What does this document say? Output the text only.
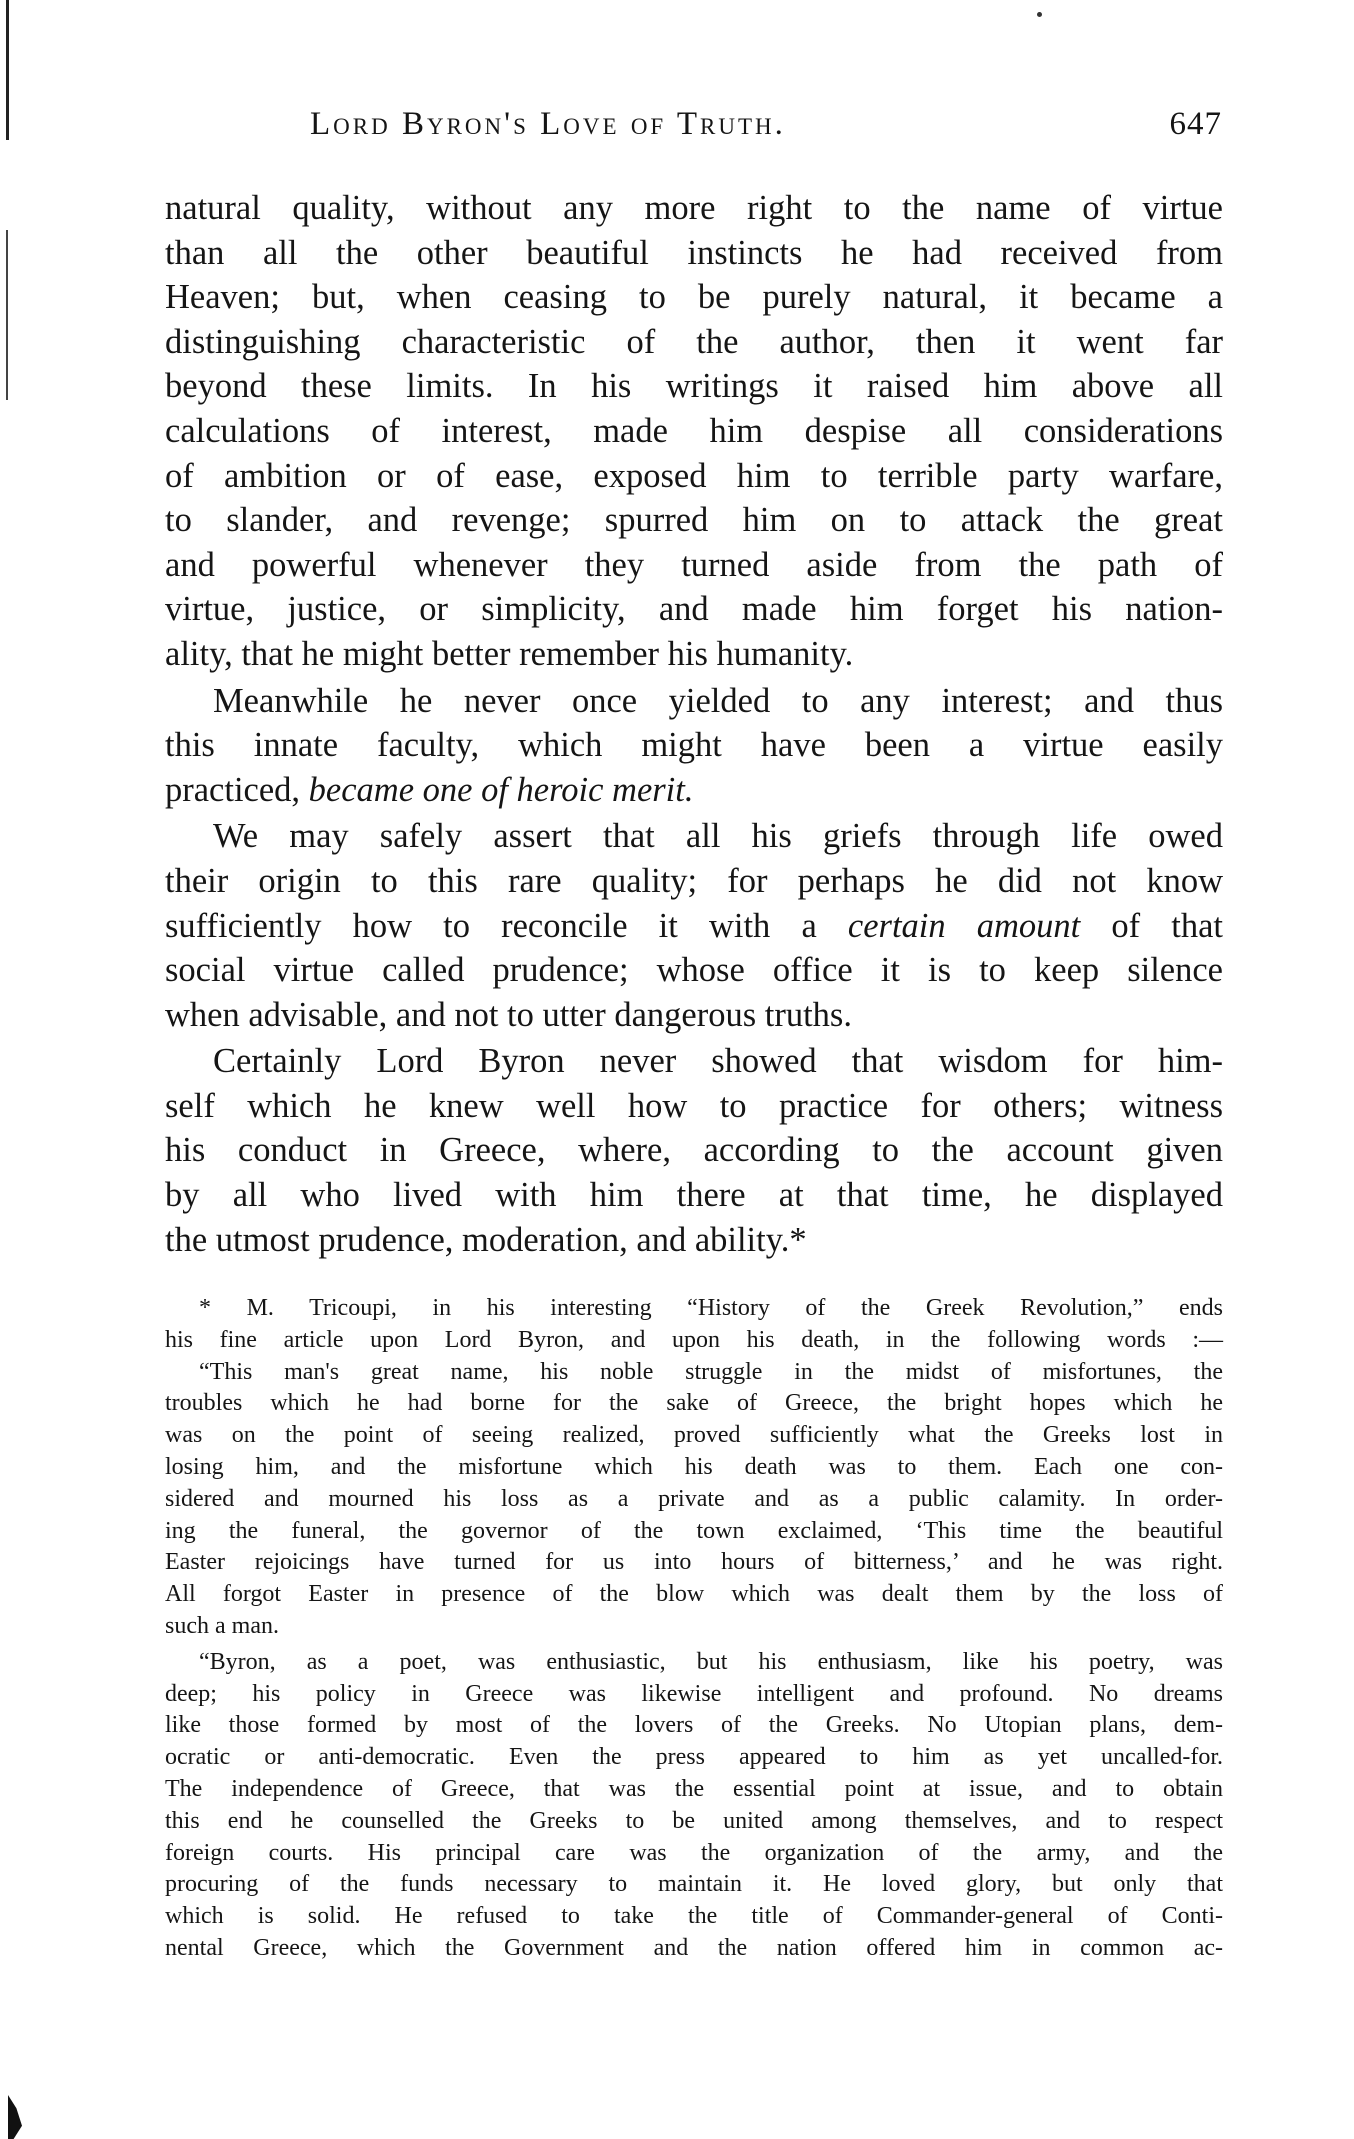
Lord Byron's Love of Truth.	647
natural quality, without any more right to the name of virtue
than all the other beautiful instincts he had received from
Heaven; but, when ceasing to be purely natural, it became a
distinguishing characteristic of the author, then it went far
beyond these limits. In his writings it raised him above all
calculations of interest, made him despise all considerations
of ambition or of ease, exposed him to terrible party warfare,
to slander, and revenge; spurred him on to attack the great
and powerful whenever they turned aside from the path of
virtue, justice, or simplicity, and made him forget his nation-
ality, that he might better remember his humanity.
Meanwhile he never once yielded to any interest; and thus
this innate faculty, which might have been a virtue easily
practiced, became one of heroic merit.
We may safely assert that all his griefs through life owed
their origin to this rare quality; for perhaps he did not know
sufficiently how to reconcile it with a certain amount of that
social virtue called prudence; whose office it is to keep silence
when advisable, and not to utter dangerous truths.
Certainly Lord Byron never showed that wisdom for him-
self which he knew well how to practice for others; witness
his conduct in Greece, where, according to the account given
by all who lived with him there at that time, he displayed
the utmost prudence, moderation, and ability.*
* M. Tricoupi, in his interesting “History of the Greek Revolution,” ends
his fine article upon Lord Byron, and upon his death, in the following words :—
“This man's great name, his noble struggle in the midst of misfortunes, the
troubles which he had borne for the sake of Greece, the bright hopes which he
was on the point of seeing realized, proved sufficiently what the Greeks lost in
losing him, and the misfortune which his death was to them. Each one con-
sidered and mourned his loss as a private and as a public calamity. In order-
ing the funeral, the governor of the town exclaimed, ‘This time the beautiful
Easter rejoicings have turned for us into hours of bitterness,’ and he was right.
All forgot Easter in presence of the blow which was dealt them by the loss of
such a man.
“Byron, as a poet, was enthusiastic, but his enthusiasm, like his poetry, was
deep; his policy in Greece was likewise intelligent and profound. No dreams
like those formed by most of the lovers of the Greeks. No Utopian plans, dem-
ocratic or anti-democratic. Even the press appeared to him as yet uncalled-for.
The independence of Greece, that was the essential point at issue, and to obtain
this end he counselled the Greeks to be united among themselves, and to respect
foreign courts. His principal care was the organization of the army, and the
procuring of the funds necessary to maintain it. He loved glory, but only that
which is solid. He refused to take the title of Commander-general of Conti-
nental Greece, which the Government and the nation offered him in common ac-
